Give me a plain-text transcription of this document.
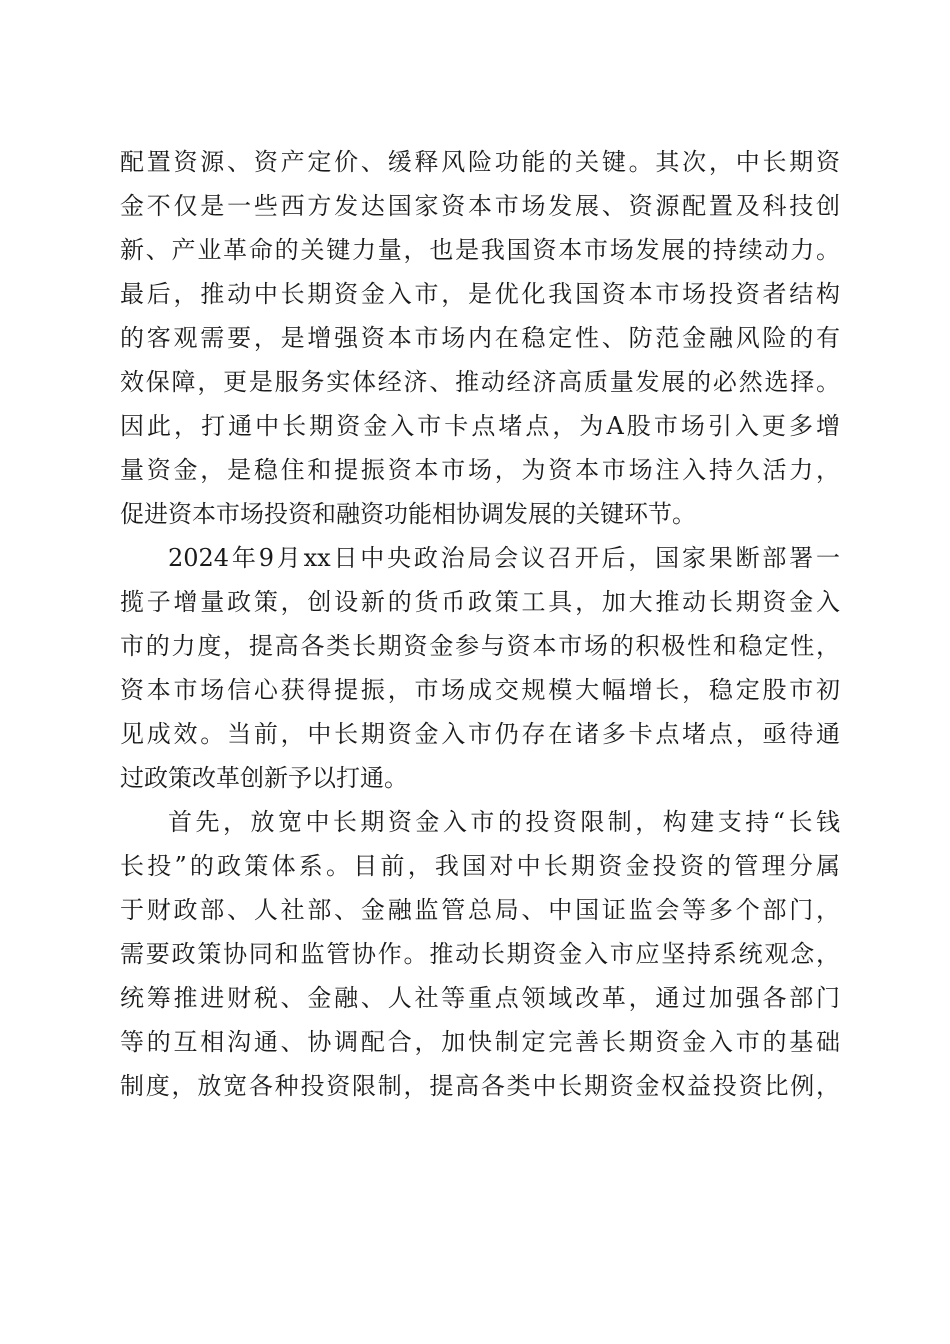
配置资源、资产定价、缓释风险功能的关键。其次，中长期资
金不仅是一些西方发达国家资本市场发展、资源配置及科技创
新、产业革命的关键力量，也是我国资本市场发展的持续动力。
最后，推动中长期资金入市，是优化我国资本市场投资者结构
的客观需要，是增强资本市场内在稳定性、防范金融风险的有
效保障，更是服务实体经济、推动经济高质量发展的必然选择。
因此，打通中长期资金入市卡点堵点，为A股市场引入更多增
量资金，是稳住和提振资本市场，为资本市场注入持久活力，
促进资本市场投资和融资功能相协调发展的关键环节。
2024年9月xx日中央政治局会议召开后，国家果断部署一
揽子增量政策，创设新的货币政策工具，加大推动长期资金入
市的力度，提高各类长期资金参与资本市场的积极性和稳定性，
资本市场信心获得提振，市场成交规模大幅增长，稳定股市初
见成效。当前，中长期资金入市仍存在诸多卡点堵点，亟待通
过政策改革创新予以打通。
首先，放宽中长期资金入市的投资限制，构建支持“长钱
长投”的政策体系。目前，我国对中长期资金投资的管理分属
于财政部、人社部、金融监管总局、中国证监会等多个部门，
需要政策协同和监管协作。推动长期资金入市应坚持系统观念，
统筹推进财税、金融、人社等重点领域改革，通过加强各部门
等的互相沟通、协调配合，加快制定完善长期资金入市的基础
制度，放宽各种投资限制，提高各类中长期资金权益投资比例，
